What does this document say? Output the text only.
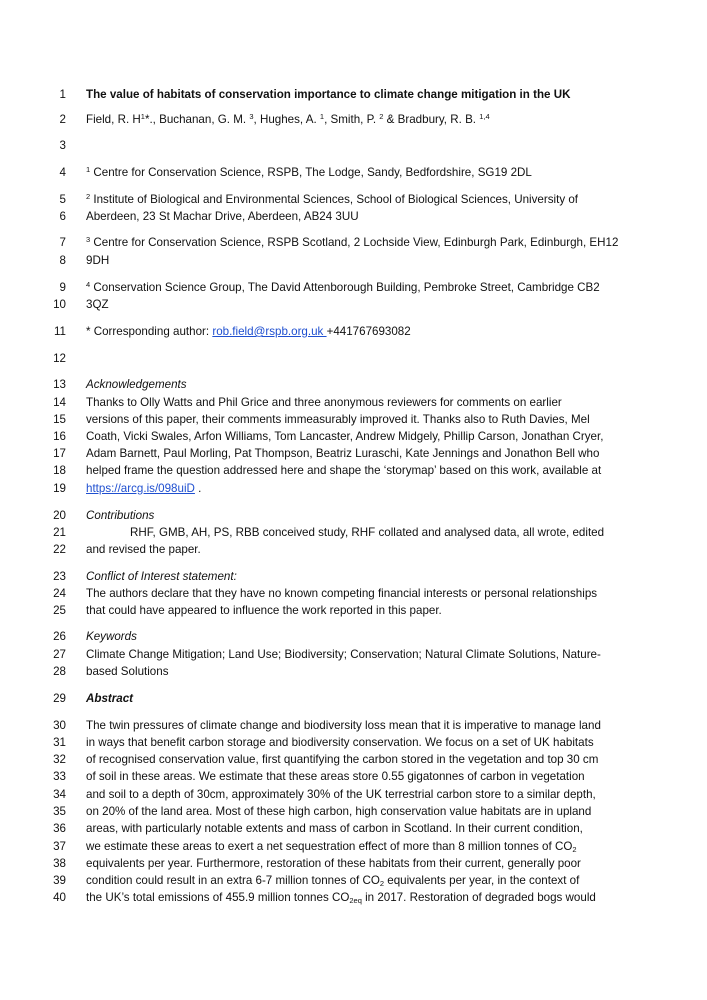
1 The value of habitats of conservation importance to climate change mitigation in the UK
2 Field, R. $H^1*$., Buchanan, G. M. $^3$, Hughes, A. $^1$, Smith, P. $^2$ & Bradbury, R. B. $^{1,4}$
3
4	$^1$ Centre for Conservation Science, RSPB, The Lodge, Sandy, Bedfordshire, SG19 2DL
5	$^2$ Institute of Biological and Environmental Sciences, School of Biological Sciences, University of
6 Aberdeen, 23 St Machar Drive, Aberdeen, AB24 3UU
7	$^3$ Centre for Conservation Science, RSPB Scotland, 2 Lochside View, Edinburgh Park, Edinburgh, EH12
8 9DH
9	$^4$ Conservation Science Group, The David Attenborough Building, Pembroke Street, Cambridge CB2
10 3QZ
11 * Corresponding author: rob.field@rspb.org.uk +441767693082
12
13 Acknowledgements
14 Thanks to Olly Watts and Phil Grice and three anonymous reviewers for comments on earlier
15 versions of this paper, their comments immeasurably improved it. Thanks also to Ruth Davies, Mel
16 Coath, Vicki Swales, Arfon Williams, Tom Lancaster, Andrew Midgely, Phillip Carson, Jonathan Cryer,
17 Adam Barnett, Paul Morling, Pat Thompson, Beatriz Luraschi, Kate Jennings and Jonathon Bell who
18 helped frame the question addressed here and shape the ‘storymap’ based on this work, available at
19 https://arcg.is/098uiD .
20 Contributions
21	RHF, GMB, AH, PS, RBB conceived study, RHF collated and analysed data, all wrote, edited
22 and revised the paper.
23 Conflict of Interest statement:
24 The authors declare that they have no known competing financial interests or personal relationships
25 that could have appeared to influence the work reported in this paper.
26 Keywords
27 Climate Change Mitigation; Land Use; Biodiversity; Conservation; Natural Climate Solutions, Nature-
28 based Solutions
29 Abstract
30 The twin pressures of climate change and biodiversity loss mean that it is imperative to manage land
31 in ways that benefit carbon storage and biodiversity conservation. We focus on a set of UK habitats
32 of recognised conservation value, first quantifying the carbon stored in the vegetation and top 30 cm
33 of soil in these areas. We estimate that these areas store 0.55 gigatonnes of carbon in vegetation
34 and soil to a depth of 30cm, approximately 30% of the UK terrestrial carbon store to a similar depth,
35 on 20% of the land area. Most of these high carbon, high conservation value habitats are in upland
36 areas, with particularly notable extents and mass of carbon in Scotland. In their current condition,
37 we estimate these areas to exert a net sequestration effect of more than 8 million tonnes of $CO_2$
38 equivalents per year. Furthermore, restoration of these habitats from their current, generally poor
39 condition could result in an extra 6-7 million tonnes of $CO_2$ equivalents per year, in the context of
40 the UK’s total emissions of 455.9 million tonnes $CO_{2eq}$ in 2017. Restoration of degraded bogs would
